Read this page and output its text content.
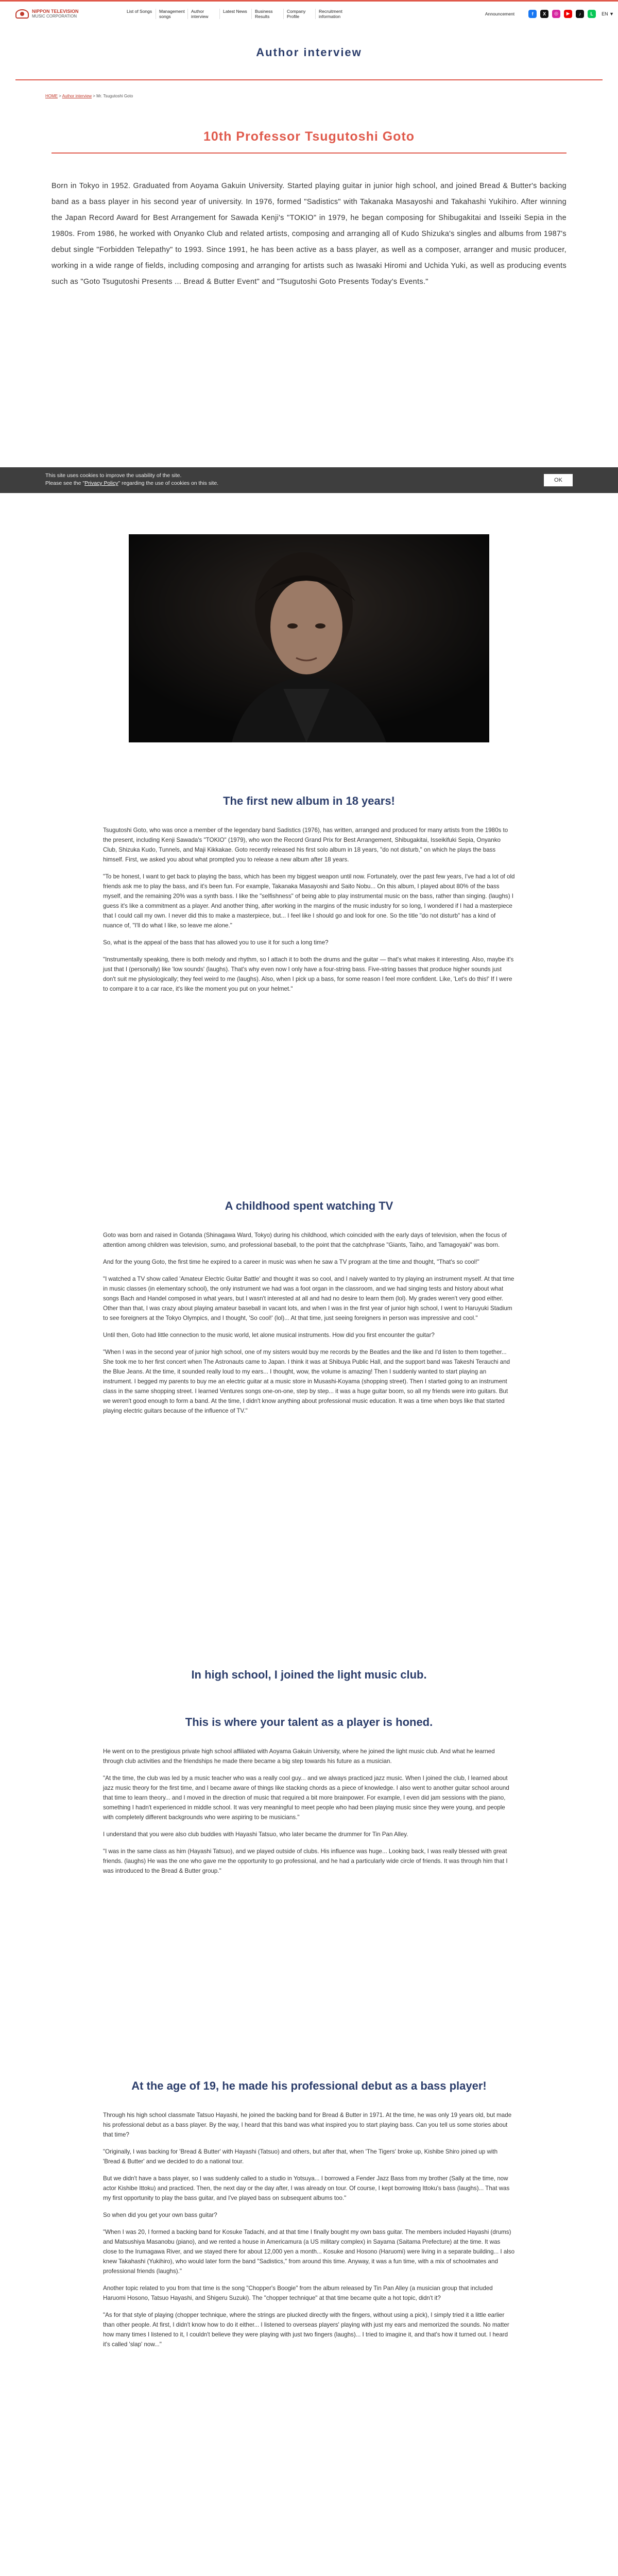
NIPPON TELEVISION
MUSIC CORPORATION
List of Songs	Management songs
Author interview
Latest News	Business Results
Company Profile
Recruitment information	Announcement	f	X	◎	▶	♪	L	EN ▼
Author interview
HOME > Author interview > Mr. Tsugutoshi Goto
10th Professor Tsugutoshi Goto
Born in Tokyo in 1952. Graduated from Aoyama Gakuin University. Started playing guitar in junior high school, and joined Bread & Butter's backing band as a bass player in his second year of university. In 1976, formed "Sadistics" with Takanaka Masayoshi and Takahashi Yukihiro. After winning the Japan Record Award for Best Arrangement for Sawada Kenji's "TOKIO" in 1979, he began composing for Shibugakitai and Isseiki Sepia in the 1980s. From 1986, he worked with Onyanko Club and related artists, composing and arranging all of Kudo Shizuka's singles and albums from 1987's debut single "Forbidden Telepathy" to 1993. Since 1991, he has been active as a bass player, as well as a composer, arranger and music producer, working in a wide range of fields, including composing and arranging for artists such as Iwasaki Hiromi and Uchida Yuki, as well as producing events such as "Goto Tsugutoshi Presents ... Bread & Butter Event" and "Tsugutoshi Goto Presents Today's Events."
This site uses cookies to improve the usability of the site.
Please see the "Privacy Policy" regarding the use of cookies on this site.
OK
The first new album in 18 years!

Tsugutoshi Goto, who was once a member of the legendary band Sadistics (1976), has written, arranged and produced for many artists from the 1980s to the present, including Kenji Sawada's "TOKIO" (1979), who won the Record Grand Prix for Best Arrangement, Shibugakitai, Isseikifuki Sepia, Onyanko Club, Shizuka Kudo, Tunnels, and Maji Kikkakae. Goto recently released his first solo album in 18 years, "do not disturb," on which he plays the bass himself. First, we asked you about what prompted you to release a new album after 18 years.

"To be honest, I want to get back to playing the bass, which has been my biggest weapon until now. Fortunately, over the past few years, I've had a lot of old friends ask me to play the bass, and it's been fun. For example, Takanaka Masayoshi and Saito Nobu... On this album, I played about 80% of the bass myself, and the remaining 20% was a synth bass. I like the "selfishness" of being able to play instrumental music on the bass, rather than singing. (laughs) I guess it's like a commitment as a player. And another thing, after working in the margins of the music industry for so long, I wondered if I had a masterpiece that I could call my own. I never did this to make a masterpiece, but... I feel like I should go and look for one. So the title "do not disturb" has a kind of nuance of, "I'll do what I like, so leave me alone."

So, what is the appeal of the bass that has allowed you to use it for such a long time?

"Instrumentally speaking, there is both melody and rhythm, so I attach it to both the drums and the guitar — that's what makes it interesting. Also, maybe it's just that I (personally) like 'low sounds' (laughs). That's why even now I only have a four-string bass. Five-string basses that produce higher sounds just don't suit me physiologically; they feel weird to me (laughs). Also, when I pick up a bass, for some reason I feel more confident. Like, 'Let's do this!' If I were to compare it to a car race, it's like the moment you put on your helmet."

A childhood spent watching TV

Goto was born and raised in Gotanda (Shinagawa Ward, Tokyo) during his childhood, which coincided with the early days of television, when the focus of attention among children was television, sumo, and professional baseball, to the point that the catchphrase "Giants, Taiho, and Tamagoyaki" was born.

And for the young Goto, the first time he expired to a career in music was when he saw a TV program at the time and thought, "That's so cool!"

"I watched a TV show called 'Amateur Electric Guitar Battle' and thought it was so cool, and I naively wanted to try playing an instrument myself. At that time in music classes (in elementary school), the only instrument we had was a foot organ in the classroom, and we had singing tests and history about what songs Bach and Handel composed in what years, but I wasn't interested at all and had no desire to learn them (lol). My grades weren't very good either. Other than that, I was crazy about playing amateur baseball in vacant lots, and when I was in the first year of junior high school, I went to Haruyuki Stadium to see foreigners at the Tokyo Olympics, and I thought, 'So cool!' (lol)... At that time, just seeing foreigners in person was impressive and cool."

Until then, Goto had little connection to the music world, let alone musical instruments. How did you first encounter the guitar?

"When I was in the second year of junior high school, one of my sisters would buy me records by the Beatles and the like and I'd listen to them together... She took me to her first concert when The Astronauts came to Japan. I think it was at Shibuya Public Hall, and the support band was Takeshi Terauchi and the Blue Jeans. At the time, it sounded really loud to my ears... I thought, wow, the volume is amazing! Then I suddenly wanted to start playing an instrument. I begged my parents to buy me an electric guitar at a music store in Musashi-Koyama (shopping street). Then I started going to an instrument class in the same shopping street. I learned Ventures songs one-on-one, step by step... it was a huge guitar boom, so all my friends were into guitars. But we weren't good enough to form a band. At the time, I didn't know anything about professional music education. It was a time when boys like that started playing electric guitars because of the influence of TV."

In high school, I joined the light music club.
This is where your talent as a player is honed.

He went on to the prestigious private high school affiliated with Aoyama Gakuin University, where he joined the light music club. And what he learned through club activities and the friendships he made there became a big step towards his future as a musician.

"At the time, the club was led by a music teacher who was a really cool guy... and we always practiced jazz music. When I joined the club, I learned about jazz music theory for the first time, and I became aware of things like stacking chords as a piece of knowledge. I also went to another guitar school around that time to learn theory... and I moved in the direction of music that required a bit more brainpower. For example, I even did jam sessions with the piano, something I hadn't experienced in middle school. It was very meaningful to meet people who had been playing music since they were young, and people with completely different backgrounds who were aspiring to be musicians."

I understand that you were also club buddies with Hayashi Tatsuo, who later became the drummer for Tin Pan Alley.

"I was in the same class as him (Hayashi Tatsuo), and we played outside of clubs. His influence was huge... Looking back, I was really blessed with great friends. (laughs) He was the one who gave me the opportunity to go professional, and he had a particularly wide circle of friends. It was through him that I was introduced to the Bread & Butter group."

At the age of 19, he made his professional debut as a bass player!

Through his high school classmate Tatsuo Hayashi, he joined the backing band for Bread & Butter in 1971. At the time, he was only 19 years old, but made his professional debut as a bass player. By the way, I heard that this band was what inspired you to start playing bass. Can you tell us some stories about that time?

"Originally, I was backing for 'Bread & Butter' with Hayashi (Tatsuo) and others, but after that, when 'The Tigers' broke up, Kishibe Shiro joined up with 'Bread & Butter' and we decided to do a national tour.

But we didn't have a bass player, so I was suddenly called to a studio in Yotsuya... I borrowed a Fender Jazz Bass from my brother (Sally at the time, now actor Kishibe Ittoku) and practiced. Then, the next day or the day after, I was already on tour. Of course, I kept borrowing Ittoku's bass (laughs)... That was my first opportunity to play the bass guitar, and I've played bass on subsequent albums too."

So when did you get your own bass guitar?

"When I was 20, I formed a backing band for Kosuke Tadachi, and at that time I finally bought my own bass guitar. The members included Hayashi (drums) and Matsushiya Masanobu (piano), and we rented a house in Americamura (a US military complex) in Sayama (Saitama Prefecture) at the time. It was close to the Irumagawa River, and we stayed there for about 12,000 yen a month... Kosuke and Hosono (Haruomi) were living in a separate building... I also knew Takahashi (Yukihiro), who would later form the band "Sadistics," from around this time. Anyway, it was a fun time, with a mix of schoolmates and professional friends (laughs)."

Another topic related to you from that time is the song "Chopper's Boogie" from the album released by Tin Pan Alley (a musician group that included Haruomi Hosono, Tatsuo Hayashi, and Shigeru Suzuki). The "chopper technique" at that time became quite a hot topic, didn't it?

"As for that style of playing (chopper technique, where the strings are plucked directly with the fingers, without using a pick), I simply tried it a little earlier than other people. At first, I didn't know how to do it either... I listened to overseas players' playing with just my ears and memorized the sounds. No matter how many times I listened to it, I couldn't believe they were playing with just two fingers (laughs)... I tried to imagine it, and that's how it turned out. I heard it's called 'slap' now..."
